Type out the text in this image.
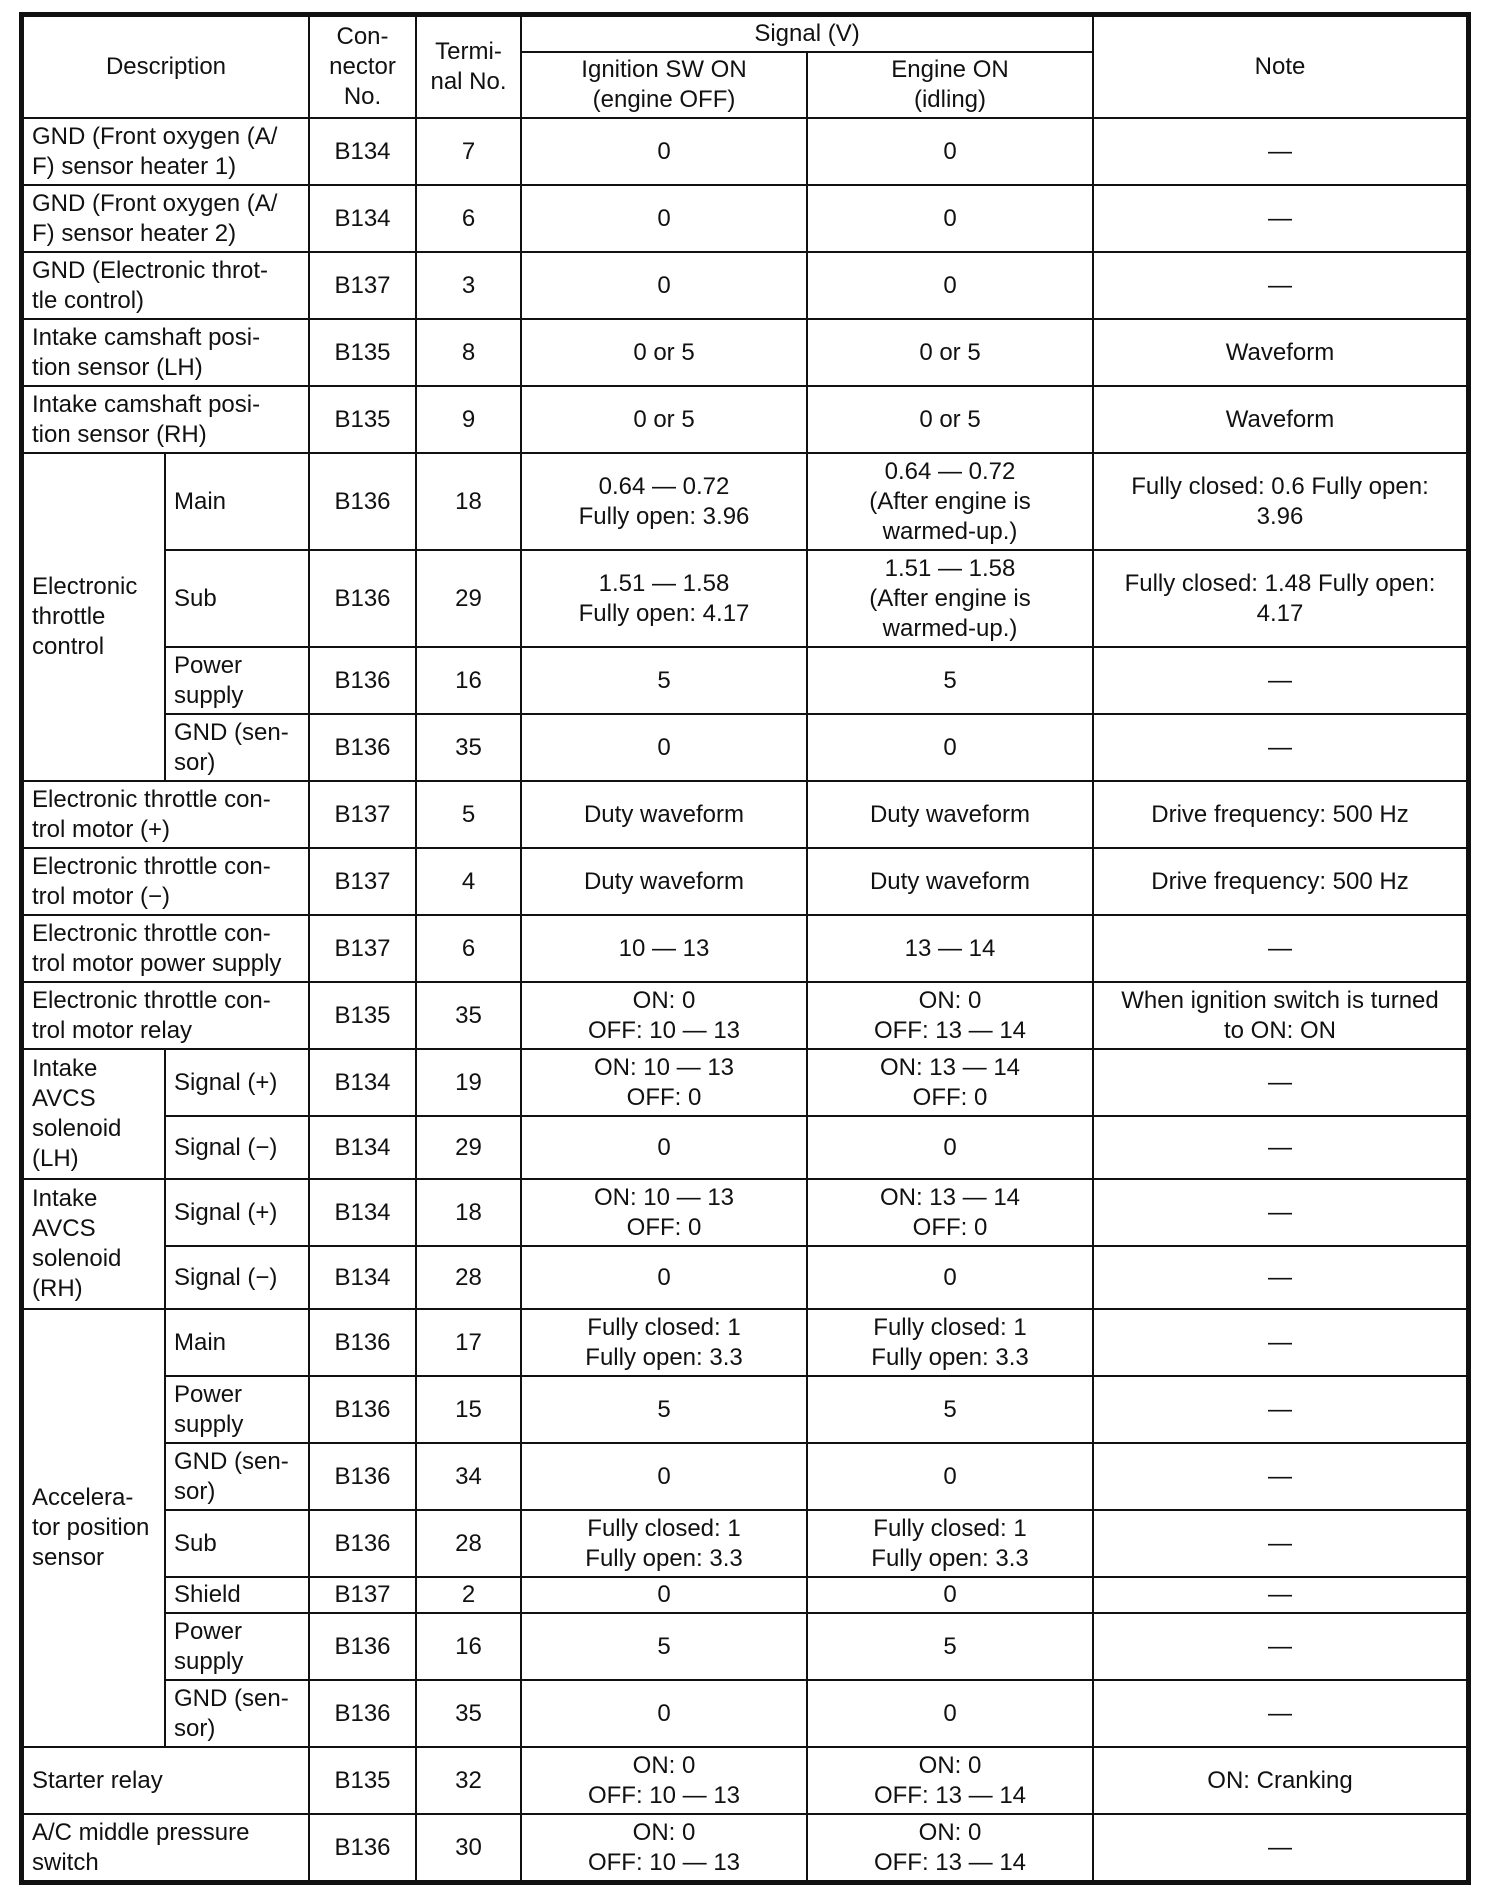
Description		Con-
nector
No.	Termi-
nal No.	Signal (V)		Note
				Ignition SW ON
(engine OFF)	Engine ON
(idling)	
GND (Front oxygen (A/
F) sensor heater 1)		B134	7	0	0	—
GND (Front oxygen (A/
F) sensor heater 2)		B134	6	0	0	—
GND (Electronic throt-
tle control)		B137	3	0	0	—
Intake camshaft posi-
tion sensor (LH)		B135	8	0 or 5	0 or 5	Waveform
Intake camshaft posi-
tion sensor (RH)		B135	9	0 or 5	0 or 5	Waveform
Electronic
throttle
control	Main	B136	18	0.64 — 0.72
Fully open: 3.96	0.64 — 0.72
(After engine is
warmed-up.)	Fully closed: 0.6 Fully open:
3.96
	Sub	B136	29	1.51 — 1.58
Fully open: 4.17	1.51 — 1.58
(After engine is
warmed-up.)	Fully closed: 1.48 Fully open:
4.17
	Power
supply	B136	16	5	5	—
	GND (sen-
sor)	B136	35	0	0	—
Electronic throttle con-
trol motor (+)		B137	5	Duty waveform	Duty waveform	Drive frequency: 500 Hz
Electronic throttle con-
trol motor (−)		B137	4	Duty waveform	Duty waveform	Drive frequency: 500 Hz
Electronic throttle con-
trol motor power supply		B137	6	10 — 13	13 — 14	—
Electronic throttle con-
trol motor relay		B135	35	ON: 0
OFF: 10 — 13	ON: 0
OFF: 13 — 14	When ignition switch is turned
to ON: ON
Intake
AVCS
solenoid
(LH)	Signal (+)	B134	19	ON: 10 — 13
OFF: 0	ON: 13 — 14
OFF: 0	—
	Signal (−)	B134	29	0	0	—
Intake
AVCS
solenoid
(RH)	Signal (+)	B134	18	ON: 10 — 13
OFF: 0	ON: 13 — 14
OFF: 0	—
	Signal (−)	B134	28	0	0	—
Accelera-
tor position
sensor	Main	B136	17	Fully closed: 1
Fully open: 3.3	Fully closed: 1
Fully open: 3.3	—
	Power
supply	B136	15	5	5	—
	GND (sen-
sor)	B136	34	0	0	—
	Sub	B136	28	Fully closed: 1
Fully open: 3.3	Fully closed: 1
Fully open: 3.3	—
	Shield	B137	2	0	0	—
	Power
supply	B136	16	5	5	—
	GND (sen-
sor)	B136	35	0	0	—
Starter relay		B135	32	ON: 0
OFF: 10 — 13	ON: 0
OFF: 13 — 14	ON: Cranking
A/C middle pressure
switch		B136	30	ON: 0
OFF: 10 — 13	ON: 0
OFF: 13 — 14	—
